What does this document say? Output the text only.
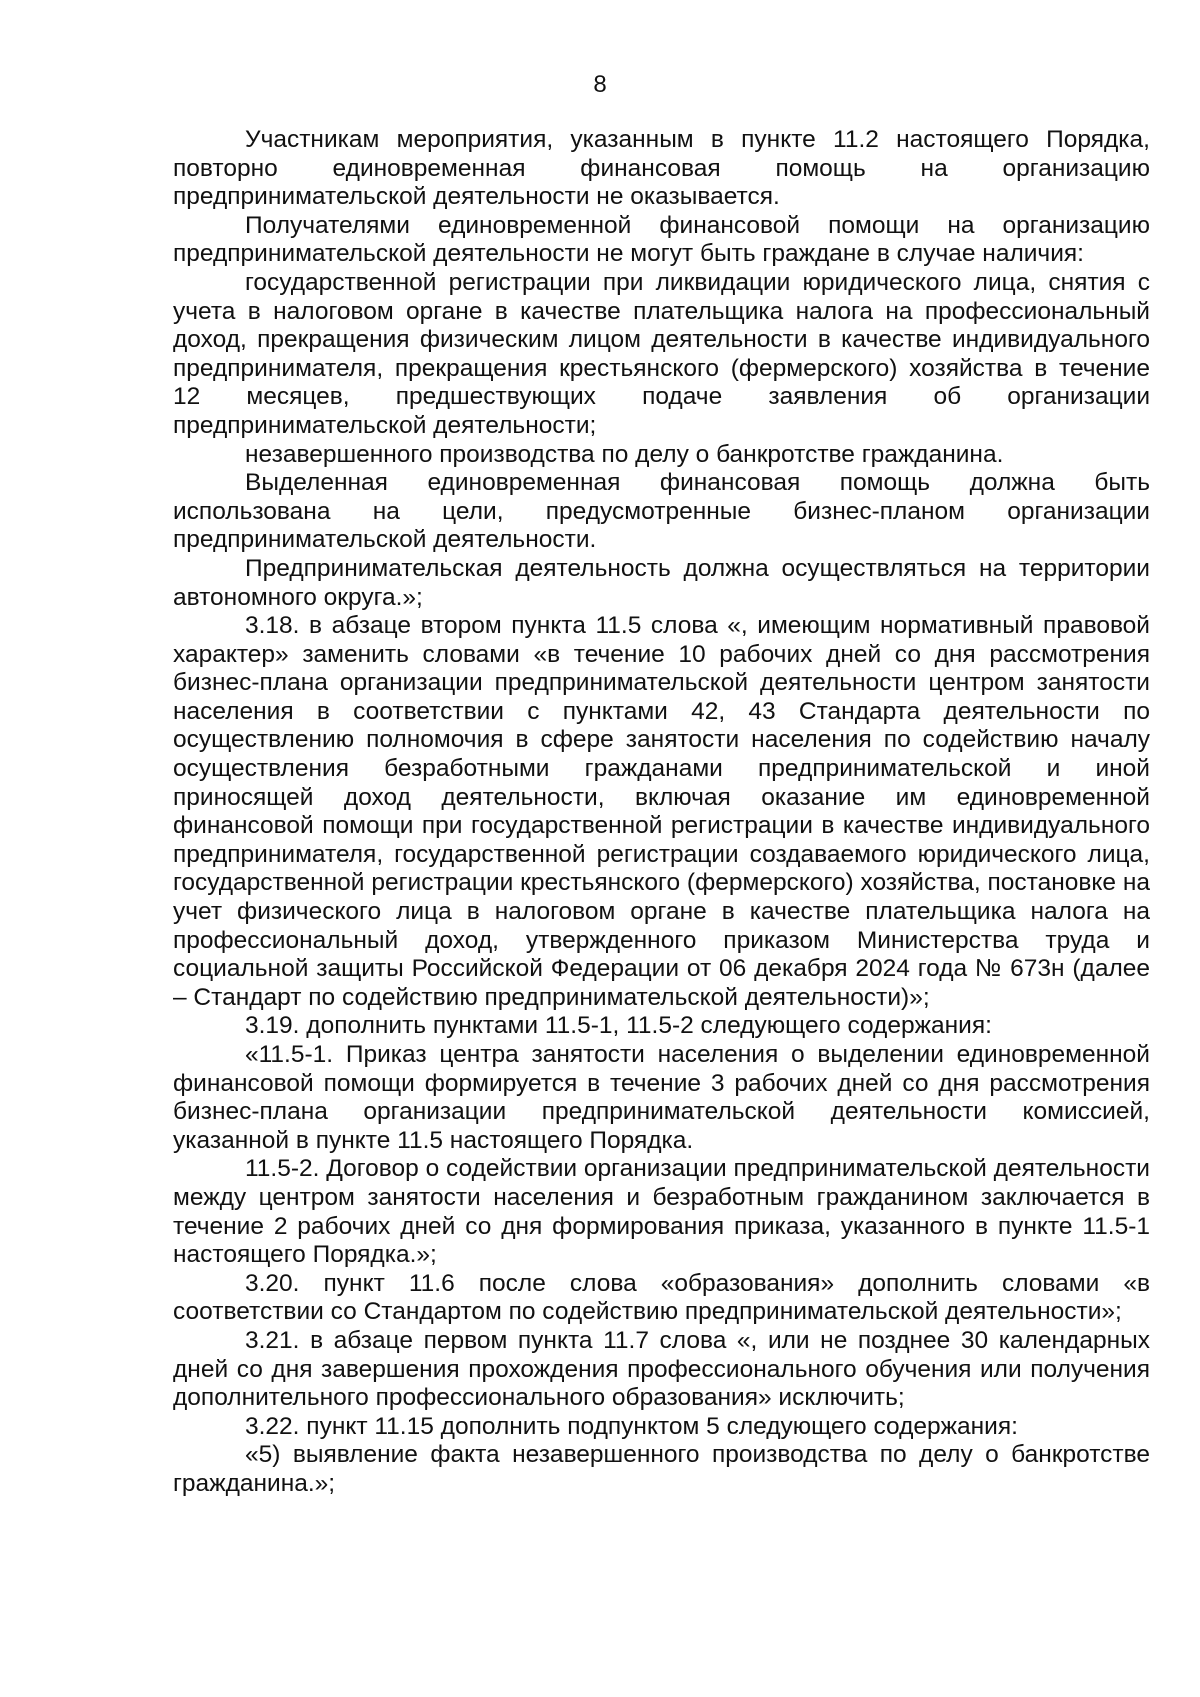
8

Участникам мероприятия, указанным в пункте 11.2 настоящего Порядка, повторно единовременная финансовая помощь на организацию предпринимательской деятельности не оказывается.

Получателями единовременной финансовой помощи на организацию предпринимательской деятельности не могут быть граждане в случае наличия:

государственной регистрации при ликвидации юридического лица, снятия с учета в налоговом органе в качестве плательщика налога на профессиональный доход, прекращения физическим лицом деятельности в качестве индивидуального предпринимателя, прекращения крестьянского (фермерского) хозяйства в течение 12 месяцев, предшествующих подаче заявления об организации предпринимательской деятельности;

незавершенного производства по делу о банкротстве гражданина.

Выделенная единовременная финансовая помощь должна быть использована на цели, предусмотренные бизнес-планом организации предпринимательской деятельности.

Предпринимательская деятельность должна осуществляться на территории автономного округа.»;

3.18. в абзаце втором пункта 11.5 слова «, имеющим нормативный правовой характер» заменить словами «в течение 10 рабочих дней со дня рассмотрения бизнес-плана организации предпринимательской деятельности центром занятости населения в соответствии с пунктами 42, 43 Стандарта деятельности по осуществлению полномочия в сфере занятости населения по содействию началу осуществления безработными гражданами предпринимательской и иной приносящей доход деятельности, включая оказание им единовременной финансовой помощи при государственной регистрации в качестве индивидуального предпринимателя, государственной регистрации создаваемого юридического лица, государственной регистрации крестьянского (фермерского) хозяйства, постановке на учет физического лица в налоговом органе в качестве плательщика налога на профессиональный доход, утвержденного приказом Министерства труда и социальной защиты Российской Федерации от 06 декабря 2024 года № 673н (далее – Стандарт по содействию предпринимательской деятельности)»;

3.19. дополнить пунктами 11.5-1, 11.5-2 следующего содержания:

«11.5-1. Приказ центра занятости населения о выделении единовременной финансовой помощи формируется в течение 3 рабочих дней со дня рассмотрения бизнес-плана организации предпринимательской деятельности комиссией, указанной в пункте 11.5 настоящего Порядка.

11.5-2. Договор о содействии организации предпринимательской деятельности между центром занятости населения и безработным гражданином заключается в течение 2 рабочих дней со дня формирования приказа, указанного в пункте 11.5-1 настоящего Порядка.»;

3.20. пункт 11.6 после слова «образования» дополнить словами «в соответствии со Стандартом по содействию предпринимательской деятельности»;

3.21. в абзаце первом пункта 11.7 слова «, или не позднее 30 календарных дней со дня завершения прохождения профессионального обучения или получения дополнительного профессионального образования» исключить;

3.22. пункт 11.15 дополнить подпунктом 5 следующего содержания:

«5) выявление факта незавершенного производства по делу о банкротстве гражданина.»;
